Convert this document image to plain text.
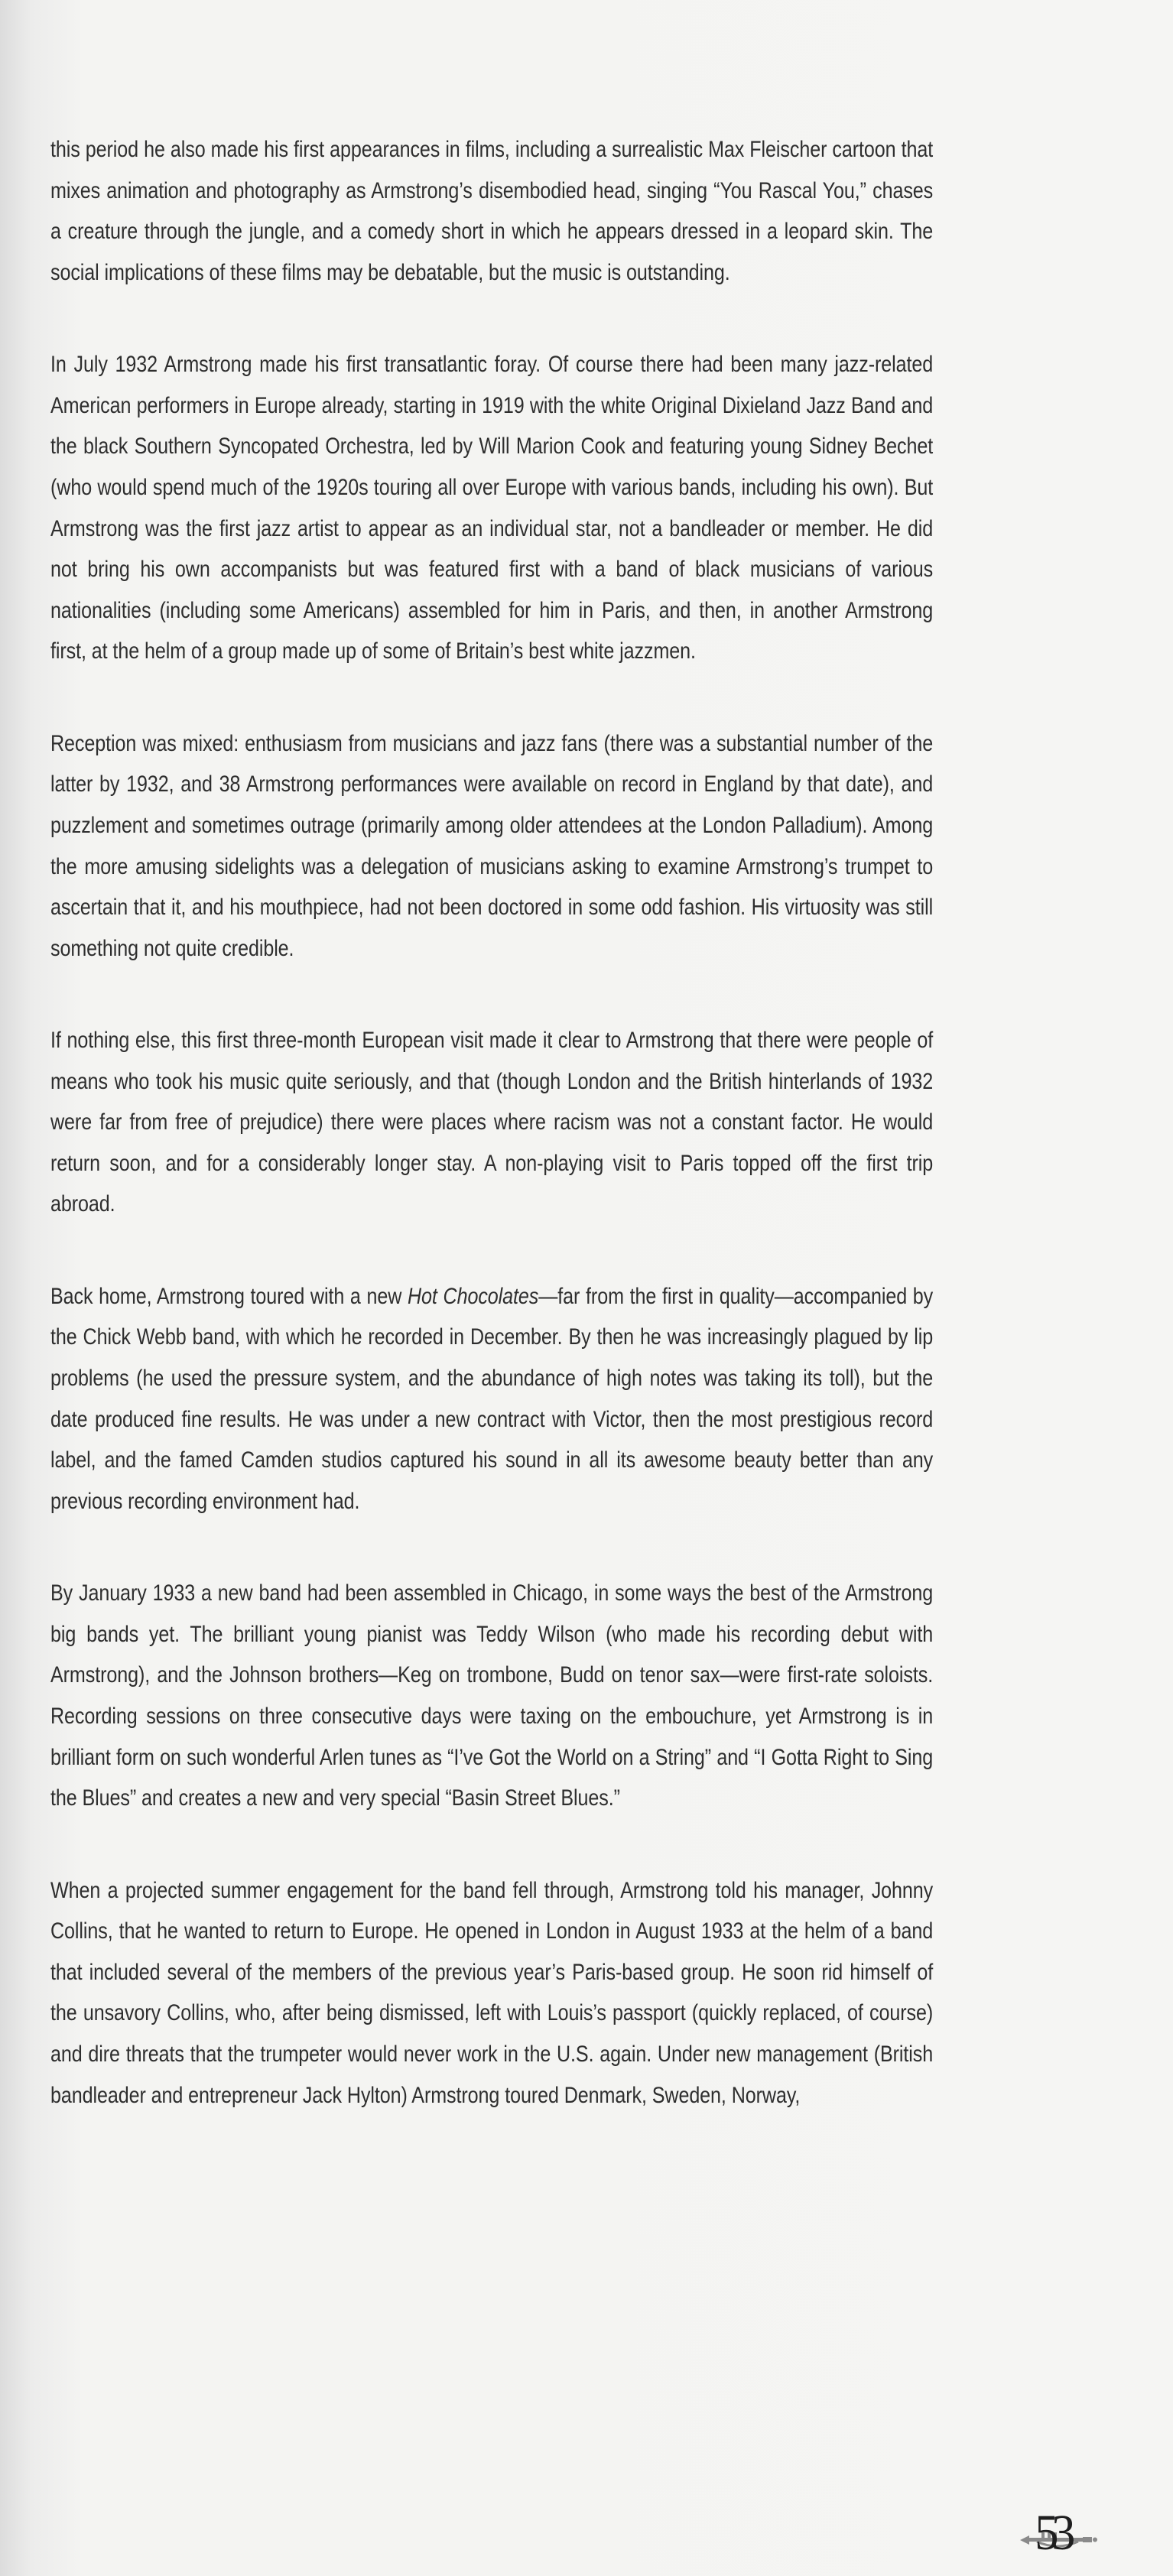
this period he also made his first appearances in films, including a surrealistic Max Fleischer cartoon that mixes animation and photography as Armstrong’s disembodied head, singing “You Rascal You,” chases a creature through the jungle, and a comedy short in which he appears dressed in a leopard skin. The social implications of these films may be debatable, but the music is outstanding.

In July 1932 Armstrong made his first transatlantic foray. Of course there had been many jazz-related American performers in Europe already, starting in 1919 with the white Original Dixieland Jazz Band and the black Southern Syncopated Orchestra, led by Will Marion Cook and featuring young Sidney Bechet (who would spend much of the 1920s touring all over Europe with various bands, including his own). But Armstrong was the first jazz artist to appear as an individual star, not a bandleader or member. He did not bring his own accompanists but was featured first with a band of black musicians of various nationalities (including some Americans) assembled for him in Paris, and then, in another Armstrong first, at the helm of a group made up of some of Britain’s best white jazzmen.

Reception was mixed: enthusiasm from musicians and jazz fans (there was a substantial number of the latter by 1932, and 38 Armstrong performances were available on record in England by that date), and puzzlement and sometimes outrage (primarily among older attendees at the London Palladium). Among the more amusing sidelights was a delegation of musicians asking to examine Armstrong’s trumpet to ascertain that it, and his mouthpiece, had not been doctored in some odd fashion. His virtuosity was still something not quite credible.

If nothing else, this first three-month European visit made it clear to Armstrong that there were people of means who took his music quite seriously, and that (though London and the British hinterlands of 1932 were far from free of prejudice) there were places where racism was not a constant factor. He would return soon, and for a considerably longer stay. A non-playing visit to Paris topped off the first trip abroad.

Back home, Armstrong toured with a new Hot Chocolates—far from the first in quality—accompanied by the Chick Webb band, with which he recorded in December. By then he was increasingly plagued by lip problems (he used the pressure system, and the abundance of high notes was taking its toll), but the date produced fine results. He was under a new contract with Victor, then the most prestigious record label, and the famed Camden studios captured his sound in all its awesome beauty better than any previous recording environment had.

By January 1933 a new band had been assembled in Chicago, in some ways the best of the Armstrong big bands yet. The brilliant young pianist was Teddy Wilson (who made his recording debut with Armstrong), and the Johnson brothers—Keg on trombone, Budd on tenor sax—were first-rate soloists. Recording sessions on three consecutive days were taxing on the embouchure, yet Armstrong is in brilliant form on such wonderful Arlen tunes as “I’ve Got the World on a String” and “I Gotta Right to Sing the Blues” and creates a new and very special “Basin Street Blues.”

When a projected summer engagement for the band fell through, Armstrong told his manager, Johnny Collins, that he wanted to return to Europe. He opened in London in August 1933 at the helm of a band that included several of the members of the previous year’s Paris-based group. He soon rid himself of the unsavory Collins, who, after being dismissed, left with Louis’s passport (quickly replaced, of course) and dire threats that the trumpeter would never work in the U.S. again. Under new management (British bandleader and entrepreneur Jack Hylton) Armstrong toured Denmark, Sweden, Norway,

53
